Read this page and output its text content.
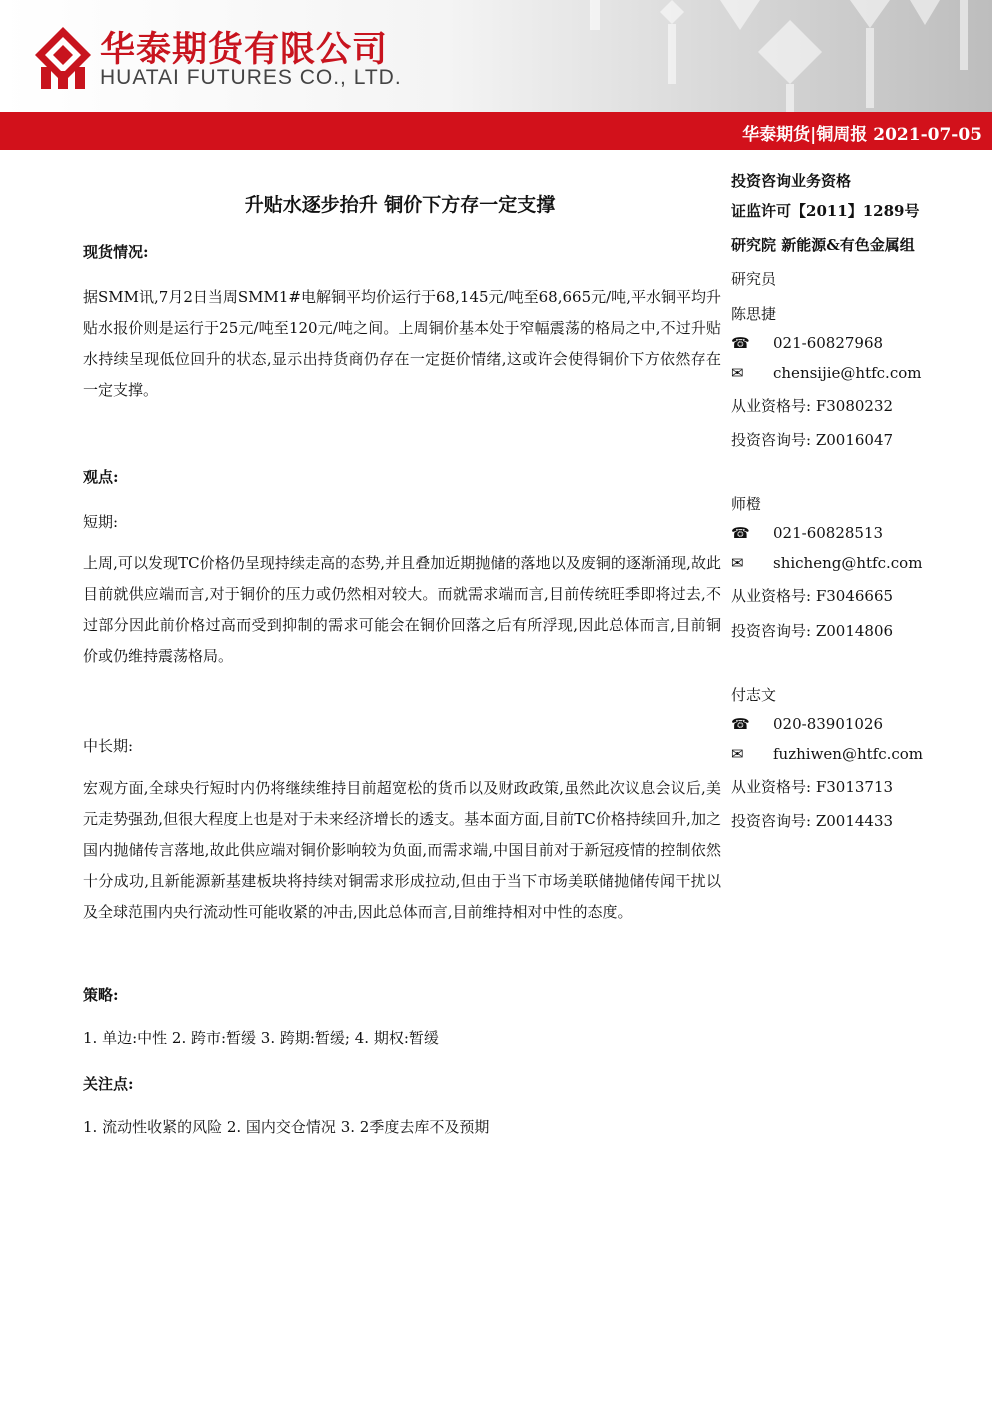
华泰期货有限公司
HUATAI FUTURES CO., LTD.
华泰期货|铜周报 2021-07-05
升贴水逐步抬升 铜价下方存一定支撑
现货情况:

据SMM讯,7月2日当周SMM1#电解铜平均价运行于68,145元/吨至68,665元/吨,平水铜平均升贴水报价则是运行于25元/吨至120元/吨之间。上周铜价基本处于窄幅震荡的格局之中,不过升贴水持续呈现低位回升的状态,显示出持货商仍存在一定挺价情绪,这或许会使得铜价下方依然存在一定支撑。

观点:
短期:

上周,可以发现TC价格仍呈现持续走高的态势,并且叠加近期抛储的落地以及废铜的逐渐涌现,故此目前就供应端而言,对于铜价的压力或仍然相对较大。而就需求端而言,目前传统旺季即将过去,不过部分因此前价格过高而受到抑制的需求可能会在铜价回落之后有所浮现,因此总体而言,目前铜价或仍维持震荡格局。

中长期:

宏观方面,全球央行短时内仍将继续维持目前超宽松的货币以及财政政策,虽然此次议息会议后,美元走势强劲,但很大程度上也是对于未来经济增长的透支。基本面方面,目前TC价格持续回升,加之国内抛储传言落地,故此供应端对铜价影响较为负面,而需求端,中国目前对于新冠疫情的控制依然十分成功,且新能源新基建板块将持续对铜需求形成拉动,但由于当下市场美联储抛储传闻干扰以及全球范围内央行流动性可能收紧的冲击,因此总体而言,目前维持相对中性的态度。

策略:
1. 单边:中性 2. 跨市:暂缓 3. 跨期:暂缓; 4. 期权:暂缓
关注点:
1. 流动性收紧的风险 2. 国内交仓情况 3. 2季度去库不及预期
投资咨询业务资格
证监许可【2011】1289号
研究院 新能源&有色金属组
研究员
陈思捷
☎ 021-60827968
✉ chensijie@htfc.com
从业资格号: F3080232
投资咨询号: Z0016047
师橙
☎ 021-60828513
✉ shicheng@htfc.com
从业资格号: F3046665
投资咨询号: Z0014806
付志文
☎ 020-83901026
✉ fuzhiwen@htfc.com
从业资格号: F3013713
投资咨询号: Z0014433
